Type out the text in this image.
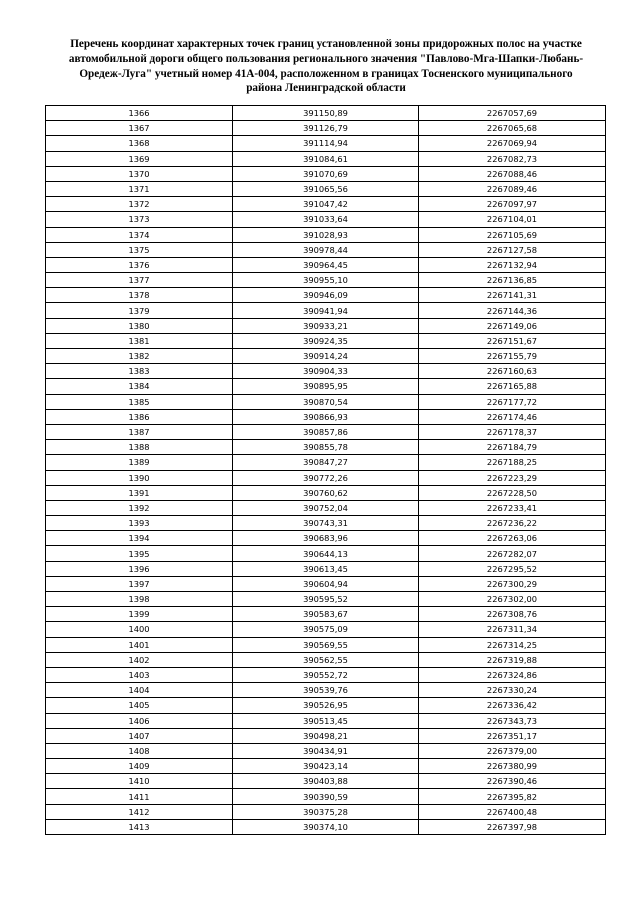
Перечень координат характерных точек границ установленной зоны придорожных полос на участке
автомобильной дороги общего пользования регионального значения "Павлово-Мга-Шапки-Любань-
Оредеж-Луга" учетный номер 41А-004, расположенном в границах Тосненского муниципального
района Ленинградской области
1366	391150,89	2267057,69
1367	391126,79	2267065,68
1368	391114,94	2267069,94
1369	391084,61	2267082,73
1370	391070,69	2267088,46
1371	391065,56	2267089,46
1372	391047,42	2267097,97
1373	391033,64	2267104,01
1374	391028,93	2267105,69
1375	390978,44	2267127,58
1376	390964,45	2267132,94
1377	390955,10	2267136,85
1378	390946,09	2267141,31
1379	390941,94	2267144,36
1380	390933,21	2267149,06
1381	390924,35	2267151,67
1382	390914,24	2267155,79
1383	390904,33	2267160,63
1384	390895,95	2267165,88
1385	390870,54	2267177,72
1386	390866,93	2267174,46
1387	390857,86	2267178,37
1388	390855,78	2267184,79
1389	390847,27	2267188,25
1390	390772,26	2267223,29
1391	390760,62	2267228,50
1392	390752,04	2267233,41
1393	390743,31	2267236,22
1394	390683,96	2267263,06
1395	390644,13	2267282,07
1396	390613,45	2267295,52
1397	390604,94	2267300,29
1398	390595,52	2267302,00
1399	390583,67	2267308,76
1400	390575,09	2267311,34
1401	390569,55	2267314,25
1402	390562,55	2267319,88
1403	390552,72	2267324,86
1404	390539,76	2267330,24
1405	390526,95	2267336,42
1406	390513,45	2267343,73
1407	390498,21	2267351,17
1408	390434,91	2267379,00
1409	390423,14	2267380,99
1410	390403,88	2267390,46
1411	390390,59	2267395,82
1412	390375,28	2267400,48
1413	390374,10	2267397,98
